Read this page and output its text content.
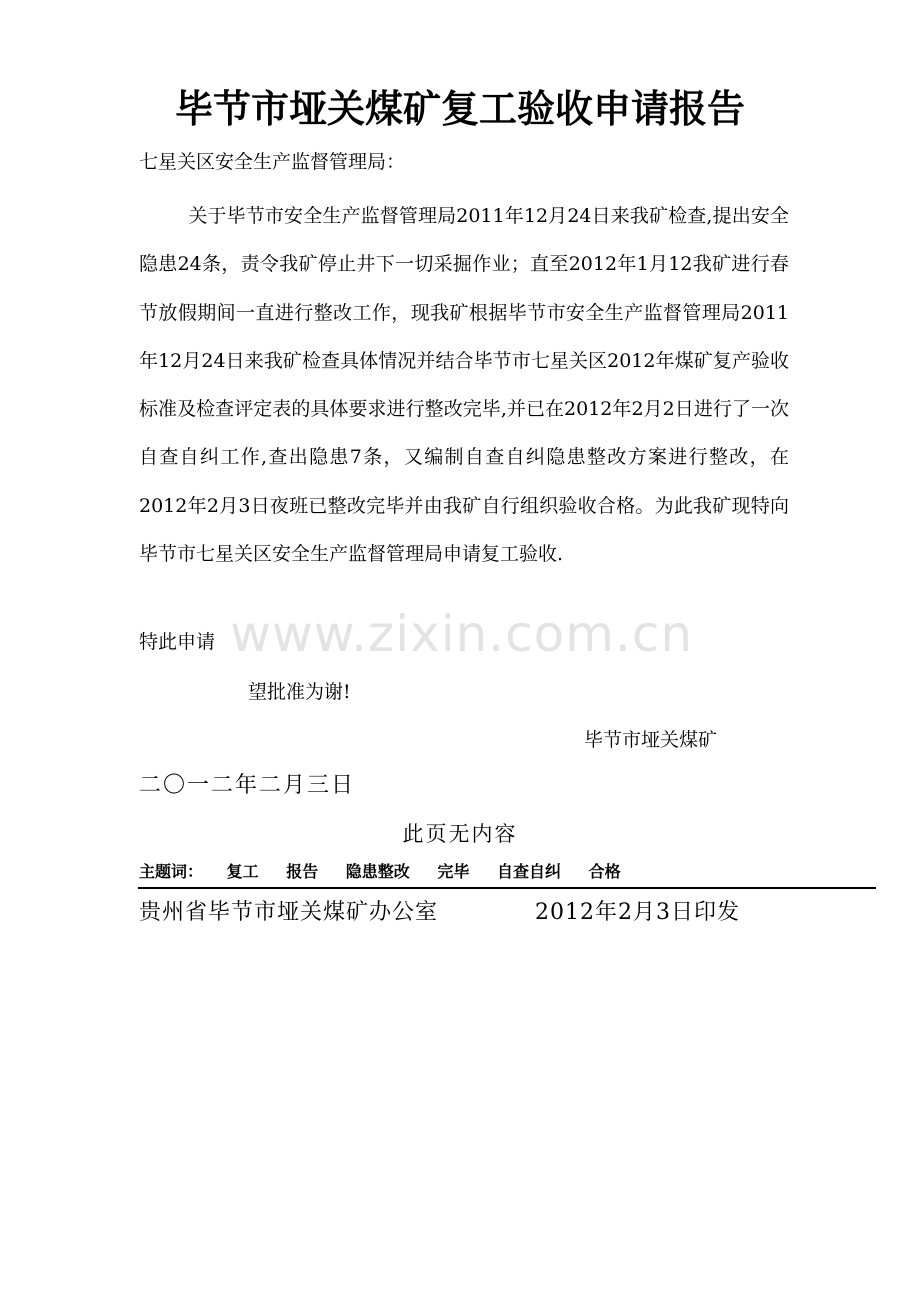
毕节市垭关煤矿复工验收申请报告
七星关区安全生产监督管理局：
关于毕节市安全生产监督管理局2011年12月24日来我矿检查,提出安全隐患24条，责令我矿停止井下一切采掘作业；直至2012年1月12我矿进行春节放假期间一直进行整改工作，现我矿根据毕节市安全生产监督管理局2011年12月24日来我矿检查具体情况并结合毕节市七星关区2012年煤矿复产验收标准及检查评定表的具体要求进行整改完毕,并已在2012年2月2日进行了一次自查自纠工作,查出隐患7条，又编制自查自纠隐患整改方案进行整改，在2012年2月3日夜班已整改完毕并由我矿自行组织验收合格。为此我矿现特向毕节市七星关区安全生产监督管理局申请复工验收.
www.zixin.com.cn
特此申请
望批准为谢!
毕节市垭关煤矿
二〇一二年二月三日
此页无内容
主题词： 复工 报告 隐患整改 完毕 自查自纠 合格
贵州省毕节市垭关煤矿办公室	2012年2月3日印发
